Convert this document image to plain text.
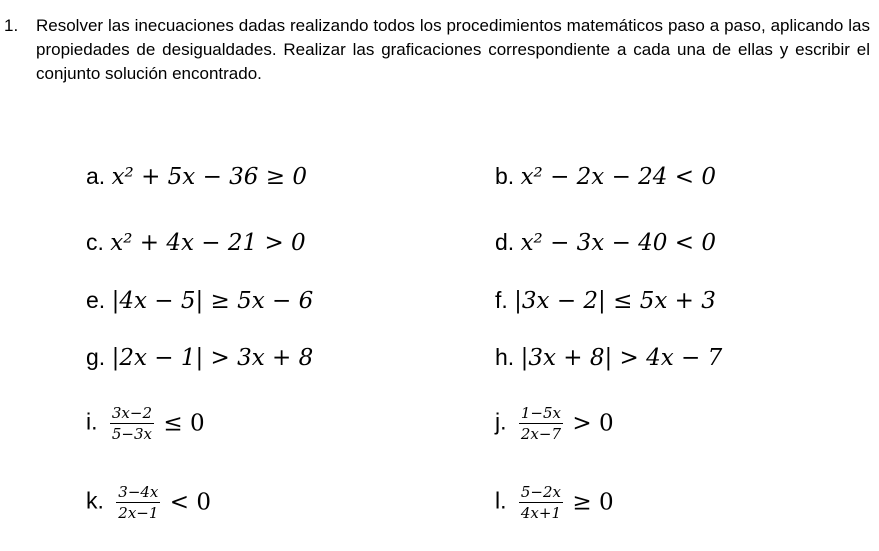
1. Resolver las inecuaciones dadas realizando todos los procedimientos matemáticos paso a paso, aplicando las propiedades de desigualdades. Realizar las graficaciones correspondiente a cada una de ellas y escribir el conjunto solución encontrado.
a. x² + 5x − 36 ≥ 0	b. x² − 2x − 24 < 0
c. x² + 4x − 21 > 0	d. x² − 3x − 40 < 0
e. |4x − 5| ≥ 5x − 6	f. |3x − 2| ≤ 5x + 3
g. |2x − 1| > 3x + 8	h. |3x + 8| > 4x − 7
i. $\frac{3x-2}{5-3x} \le 0$	j. $\frac{1-5x}{2x-7} > 0$
k. $\frac{3-4x}{2x-1} < 0$	l. $\frac{5-2x}{4x+1} \ge 0$
